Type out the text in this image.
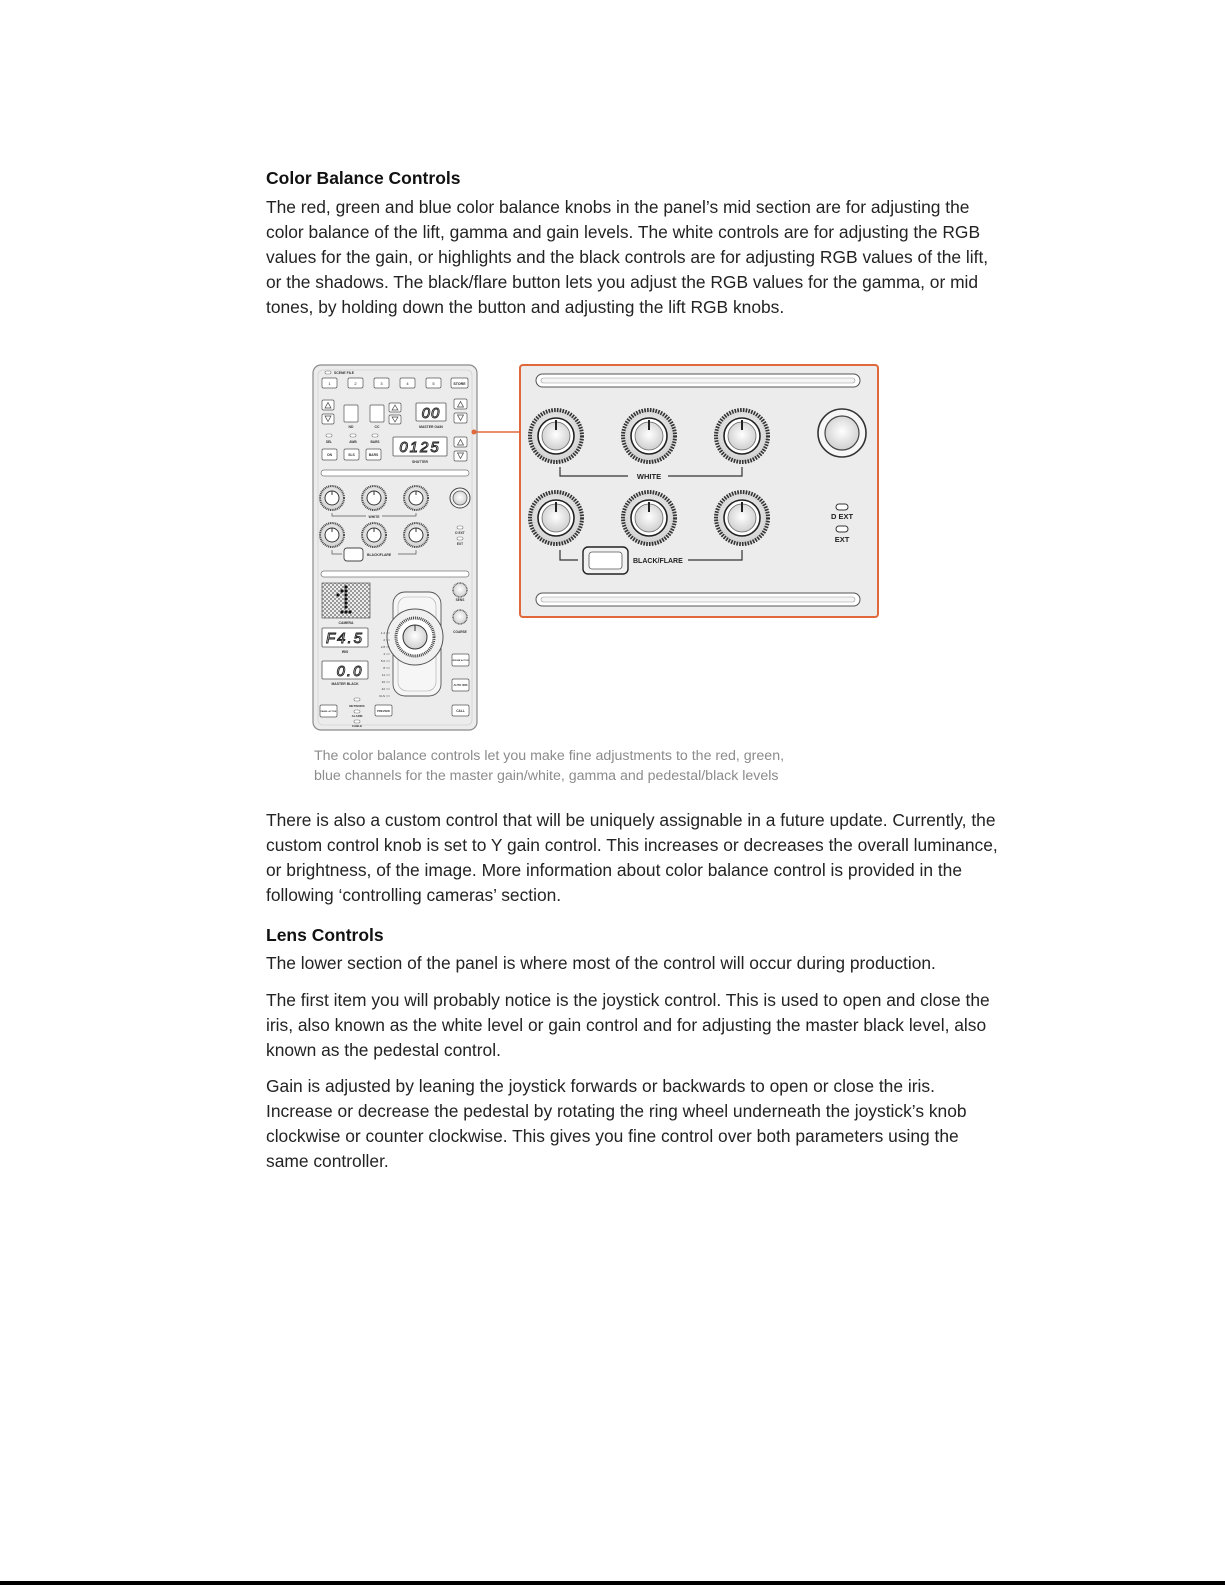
Color Balance Controls

The red, green and blue color balance knobs in the panel’s mid section are for adjusting the color balance of the lift, gamma and gain levels. The white controls are for adjusting the RGB values for the gain, or highlights and the black controls are for adjusting RGB values of the lift, or the shadows. The black/flare button lets you adjust the RGB values for the gamma, or mid tones, by holding down the button and adjusting the lift RGB knobs.

SCENE FILE
1	2	3	4	5	STORE
ND	CC
00
MASTER GAIN
SEL	AWB	BARS
ON	SLS	BARS 0125
SHUTTER
WHITE
BLACK/FLARE
D EXT
EXT
CAMERA
F4.5
IRIS
0.0
MASTER BLACK
1.4
2
2.8
4
5.6
8
11
16
22
CLS
SENS
COARSE
IRIS/MB ACTIVE
AUTO IRIS
PANEL ACTIVE
NETWORK
ALARM
CABLE
PREVIEW	CALL
WHITE
BLACK/FLARE
D EXT
EXT
The color balance controls let you make fine adjustments to the red, green,
blue channels for the master gain/white, gamma and pedestal/black levels

There is also a custom control that will be uniquely assignable in a future update. Currently, the custom control knob is set to Y gain control. This increases or decreases the overall luminance, or brightness, of the image. More information about color balance control is provided in the following ‘controlling cameras’ section.

Lens Controls

The lower section of the panel is where most of the control will occur during production.

The first item you will probably notice is the joystick control. This is used to open and close the iris, also known as the white level or gain control and for adjusting the master black level, also known as the pedestal control.

Gain is adjusted by leaning the joystick forwards or backwards to open or close the iris. Increase or decrease the pedestal by rotating the ring wheel underneath the joystick’s knob clockwise or counter clockwise. This gives you fine control over both parameters using the same controller.
